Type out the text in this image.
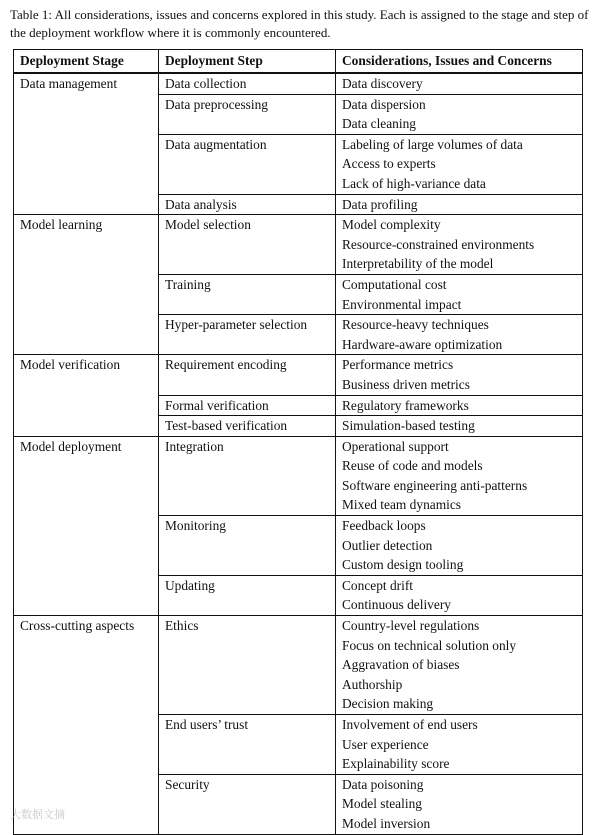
Table 1: All considerations, issues and concerns explored in this study. Each is assigned to the stage and step of the deployment workflow where it is commonly encountered.
Deployment Stage	Deployment Step	Considerations, Issues and Concerns
Data management	Data collection	Data discovery

	Data preprocessing	Data dispersion
Data cleaning

	Data augmentation	Labeling of large volumes of data
Access to experts
Lack of high-variance data

	Data analysis	Data profiling

Model learning	Model selection	Model complexity
Resource-constrained environments
Interpretability of the model

	Training	Computational cost
Environmental impact

	Hyper-parameter selection	Resource-heavy techniques
Hardware-aware optimization

Model verification	Requirement encoding	Performance metrics
Business driven metrics

	Formal verification	Regulatory frameworks

	Test-based verification	Simulation-based testing

Model deployment	Integration	Operational support
Reuse of code and models
Software engineering anti-patterns
Mixed team dynamics

	Monitoring	Feedback loops
Outlier detection
Custom design tooling

	Updating	Concept drift
Continuous delivery

Cross-cutting aspects	Ethics	Country-level regulations
Focus on technical solution only
Aggravation of biases
Authorship
Decision making

	End users’ trust	Involvement of end users
User experience
Explainability score

	Security	Data poisoning
Model stealing
Model inversion
大数据文摘
